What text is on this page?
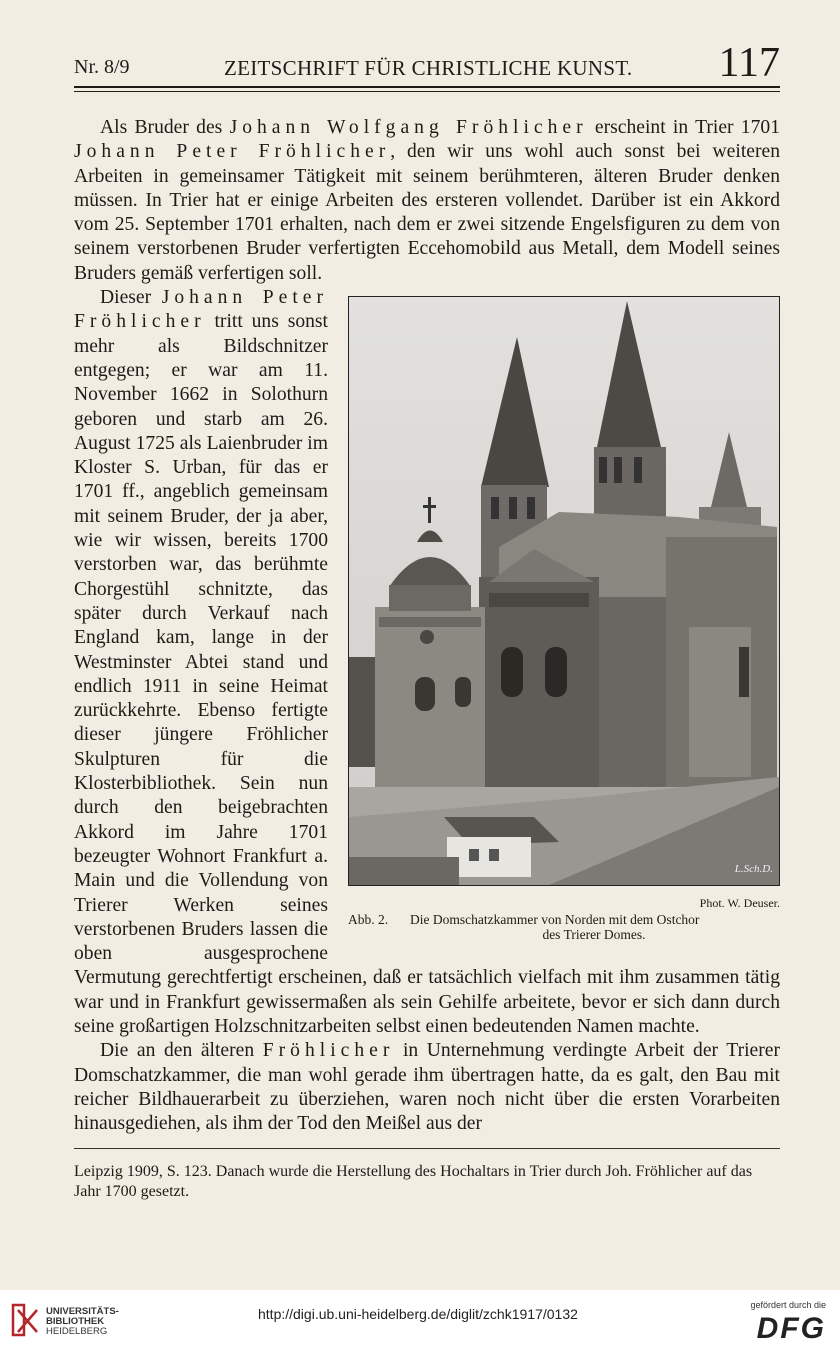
Nr. 8/9	ZEITSCHRIFT FÜR CHRISTLICHE KUNST. 117

Als Bruder des Johann Wolfgang Fröhlicher erscheint in Trier 1701 Johann Peter Fröhlicher, den wir uns wohl auch sonst bei weiteren Arbeiten in gemeinsamer Tätigkeit mit seinem berühmteren, älteren Bruder denken müssen. In Trier hat er einige Arbeiten des ersteren vollendet. Darüber ist ein Akkord vom 25. September 1701 erhalten, nach dem er zwei sitzende Engelsfiguren zu dem von seinem verstorbenen Bruder verfertigten Eccehomobild aus Metall, dem Modell seines Bruders gemäß verfertigen soll.

L.Sch.D.
Phot. W. Deuser.
Abb. 2. Die Domschatzkammer von Norden mit dem Ostchor
des Trierer Domes.

Dieser Johann Peter Fröhlicher tritt uns sonst mehr als Bildschnitzer entgegen; er war am 11. November 1662 in Solothurn geboren und starb am 26. August 1725 als Laienbruder im Kloster S. Urban, für das er 1701 ff., angeblich gemeinsam mit seinem Bruder, der ja aber, wie wir wissen, bereits 1700 verstorben war, das berühmte Chorgestühl schnitzte, das später durch Verkauf nach England kam, lange in der Westminster Abtei stand und endlich 1911 in seine Heimat zurückkehrte. Ebenso fertigte dieser jüngere Fröhlicher Skulpturen für die Klosterbibliothek. Sein nun durch den beigebrachten Akkord im Jahre 1701 bezeugter Wohnort Frankfurt a. Main und die Vollendung von Trierer Werken seines verstorbenen Bruders lassen die oben ausgesprochene Vermutung gerechtfertigt erscheinen, daß er tatsächlich vielfach mit ihm zusammen tätig war und in Frankfurt gewissermaßen als sein Gehilfe arbeitete, bevor er sich dann durch seine großartigen Holzschnitzarbeiten selbst einen bedeutenden Namen machte.

Die an den älteren Fröhlicher in Unternehmung verdingte Arbeit der Trierer Domschatzkammer, die man wohl gerade ihm übertragen hatte, da es galt, den Bau mit reicher Bildhauerarbeit zu überziehen, waren noch nicht über die ersten Vorarbeiten hinausgediehen, als ihm der Tod den Meißel aus der

Leipzig 1909, S. 123. Danach wurde die Herstellung des Hochaltars in Trier durch Joh. Fröhlicher auf das Jahr 1700 gesetzt.
UNIVERSITÄTS-
BIBLIOTHEK
HEIDELBERG
http://digi.ub.uni-heidelberg.de/diglit/zchk1917/0132
gefördert durch die
DFG
